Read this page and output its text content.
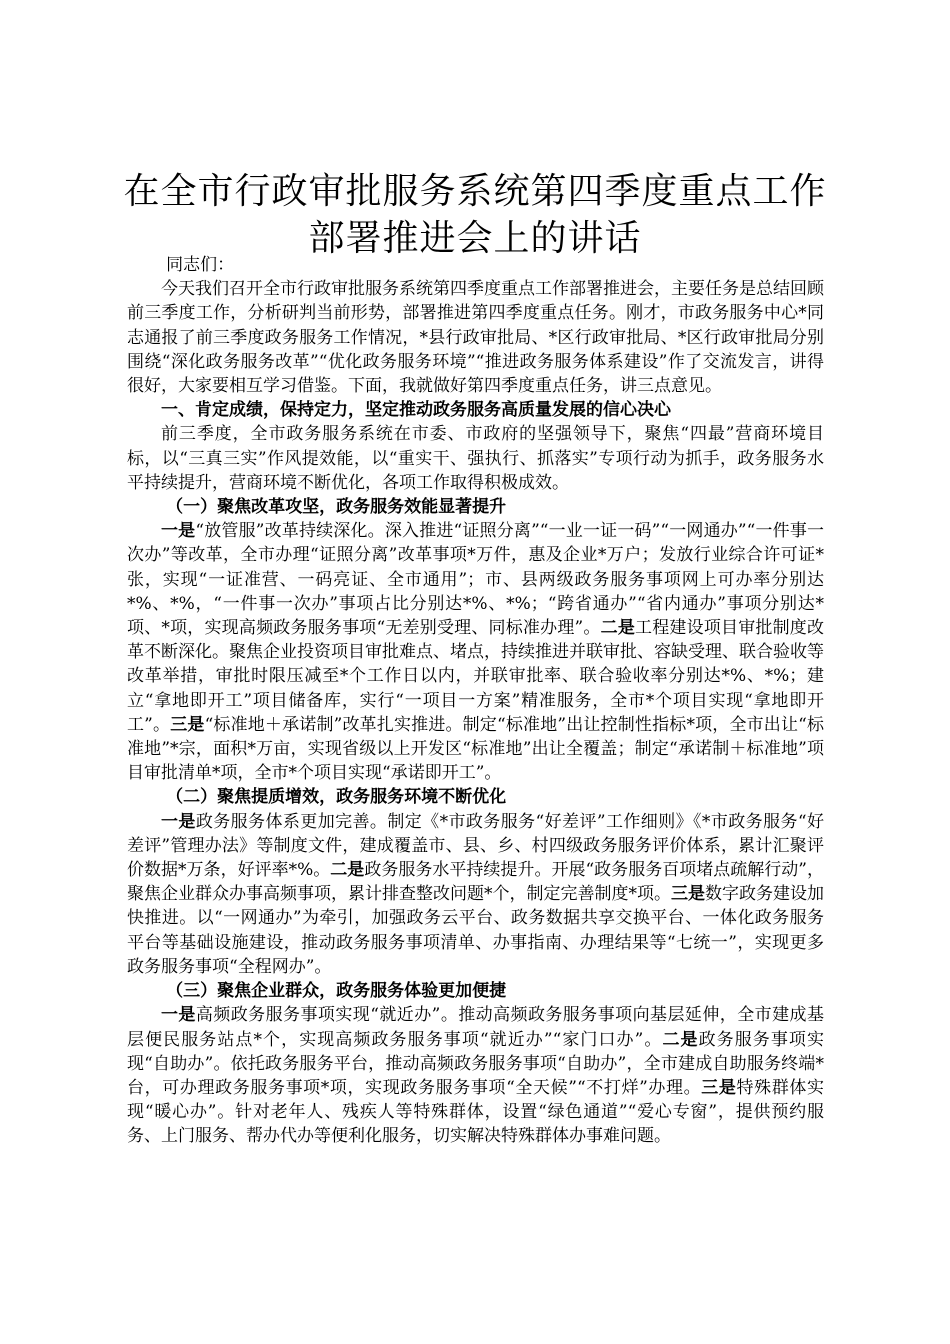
在全市行政审批服务系统第四季度重点工作部署推进会上的讲话

同志们：

今天我们召开全市行政审批服务系统第四季度重点工作部署推进会，主要任务是总结回顾前三季度工作，分析研判当前形势，部署推进第四季度重点任务。刚才，市政务服务中心*同志通报了前三季度政务服务工作情况，*县行政审批局、*区行政审批局、*区行政审批局分别围绕“深化政务服务改革”“优化政务服务环境”“推进政务服务体系建设”作了交流发言，讲得很好，大家要相互学习借鉴。下面，我就做好第四季度重点任务，讲三点意见。

一、肯定成绩，保持定力，坚定推动政务服务高质量发展的信心决心

前三季度，全市政务服务系统在市委、市政府的坚强领导下，聚焦“四最”营商环境目标，以“三真三实”作风提效能，以“重实干、强执行、抓落实”专项行动为抓手，政务服务水平持续提升，营商环境不断优化，各项工作取得积极成效。

（一）聚焦改革攻坚，政务服务效能显著提升

一是“放管服”改革持续深化。深入推进“证照分离”“一业一证一码”“一网通办”“一件事一次办”等改革，全市办理“证照分离”改革事项*万件，惠及企业*万户；发放行业综合许可证*张，实现“一证准营、一码亮证、全市通用”；市、县两级政务服务事项网上可办率分别达*%、*%，“一件事一次办”事项占比分别达*%、*%；“跨省通办”“省内通办”事项分别达*项、*项，实现高频政务服务事项“无差别受理、同标准办理”。二是工程建设项目审批制度改革不断深化。聚焦企业投资项目审批难点、堵点，持续推进并联审批、容缺受理、联合验收等改革举措，审批时限压减至*个工作日以内，并联审批率、联合验收率分别达*%、*%；建立“拿地即开工”项目储备库，实行“一项目一方案”精准服务，全市*个项目实现“拿地即开工”。三是“标准地＋承诺制”改革扎实推进。制定“标准地”出让控制性指标*项，全市出让“标准地”*宗，面积*万亩，实现省级以上开发区“标准地”出让全覆盖；制定“承诺制＋标准地”项目审批清单*项，全市*个项目实现“承诺即开工”。

（二）聚焦提质增效，政务服务环境不断优化

一是政务服务体系更加完善。制定《*市政务服务“好差评”工作细则》《*市政务服务“好差评”管理办法》等制度文件，建成覆盖市、县、乡、村四级政务服务评价体系，累计汇聚评价数据*万条，好评率*%。二是政务服务水平持续提升。开展“政务服务百项堵点疏解行动”，聚焦企业群众办事高频事项，累计排查整改问题*个，制定完善制度*项。三是数字政务建设加快推进。以“一网通办”为牵引，加强政务云平台、政务数据共享交换平台、一体化政务服务平台等基础设施建设，推动政务服务事项清单、办事指南、办理结果等“七统一”，实现更多政务服务事项“全程网办”。

（三）聚焦企业群众，政务服务体验更加便捷

一是高频政务服务事项实现“就近办”。推动高频政务服务事项向基层延伸，全市建成基层便民服务站点*个，实现高频政务服务事项“就近办”“家门口办”。二是政务服务事项实现“自助办”。依托政务服务平台，推动高频政务服务事项“自助办”，全市建成自助服务终端*台，可办理政务服务事项*项，实现政务服务事项“全天候”“不打烊”办理。三是特殊群体实现“暖心办”。针对老年人、残疾人等特殊群体，设置“绿色通道”“爱心专窗”，提供预约服务、上门服务、帮办代办等便利化服务，切实解决特殊群体办事难问题。
